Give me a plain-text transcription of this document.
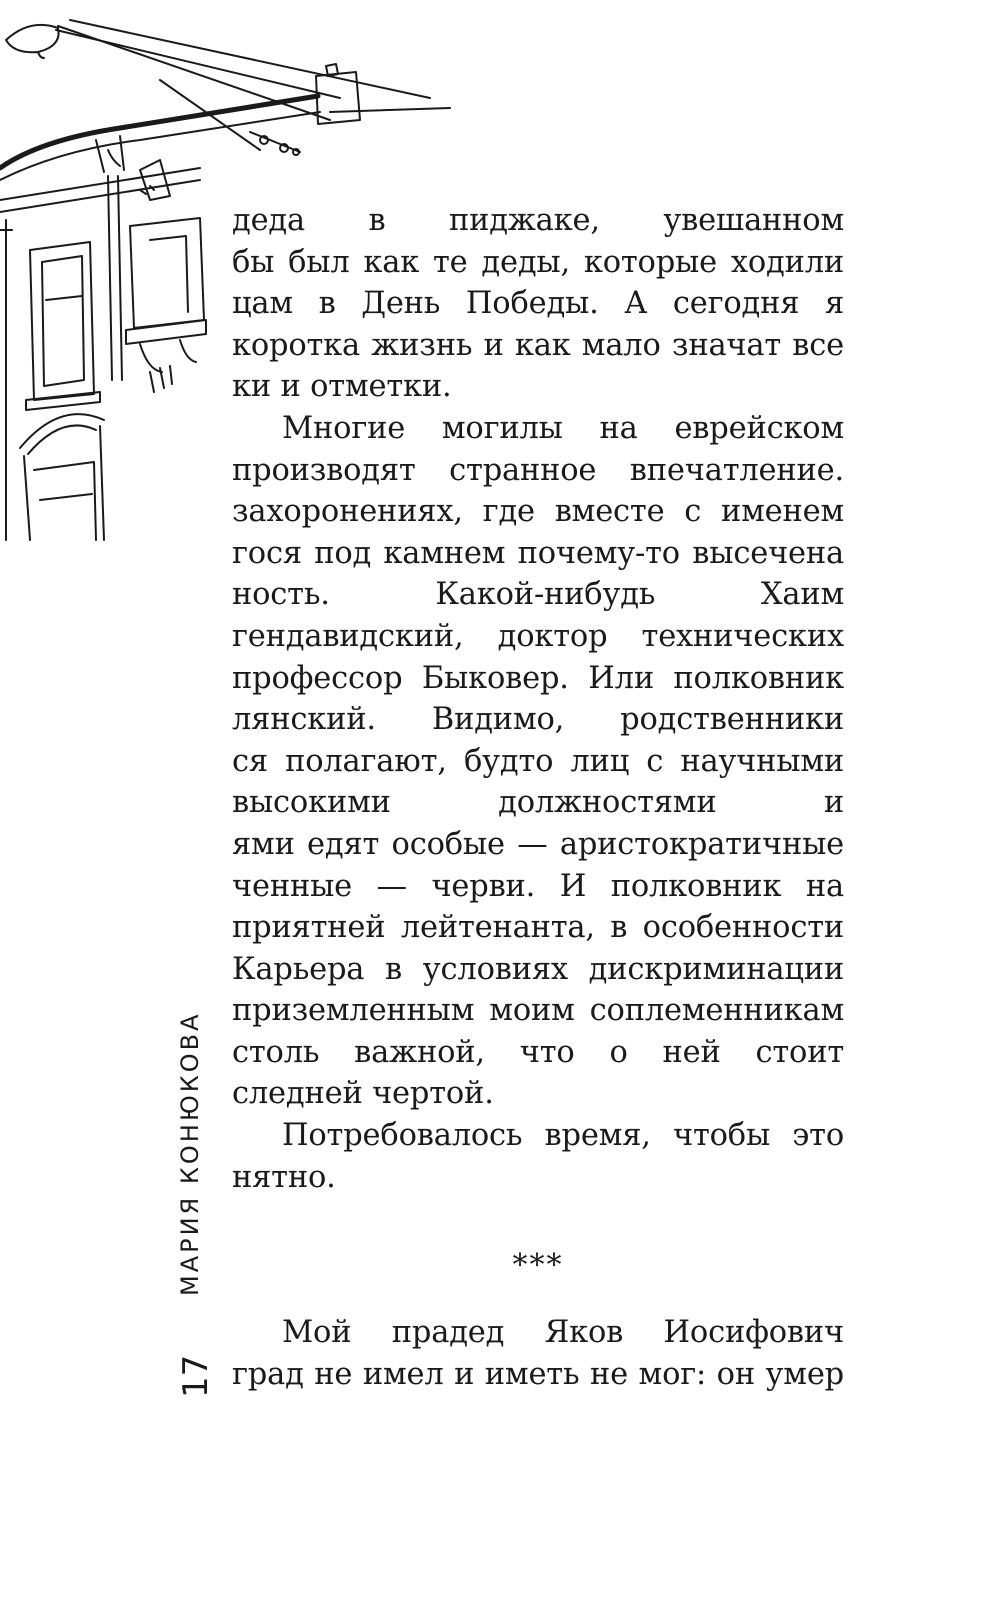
МАРИЯ КОНЮКОВА
17
деда в пиджаке, увешанном
бы был как те деды, которые ходили
цам в День Победы. А сегодня я
коротка жизнь и как мало значат все
ки и отметки.
Многие могилы на еврейском
производят странное впечатление.
захоронениях, где вместе с именем
гося под камнем почему-то высечена
ность. Какой-нибудь Хаим
гендавидский, доктор технических
профессор Быковер. Или полковник
лянский. Видимо, родственники
ся полагают, будто лиц с научными
высокими должностями и
ями едят особые — аристократичные
ченные — черви. И полковник на
приятней лейтенанта, в особенности
Карьера в условиях дискриминации
приземленным моим соплеменникам
столь важной, что о ней стоит
следней чертой.
Потребовалось время, чтобы это
нятно.
***
Мой прадед Яков Иосифович
град не имел и иметь не мог: он умер
